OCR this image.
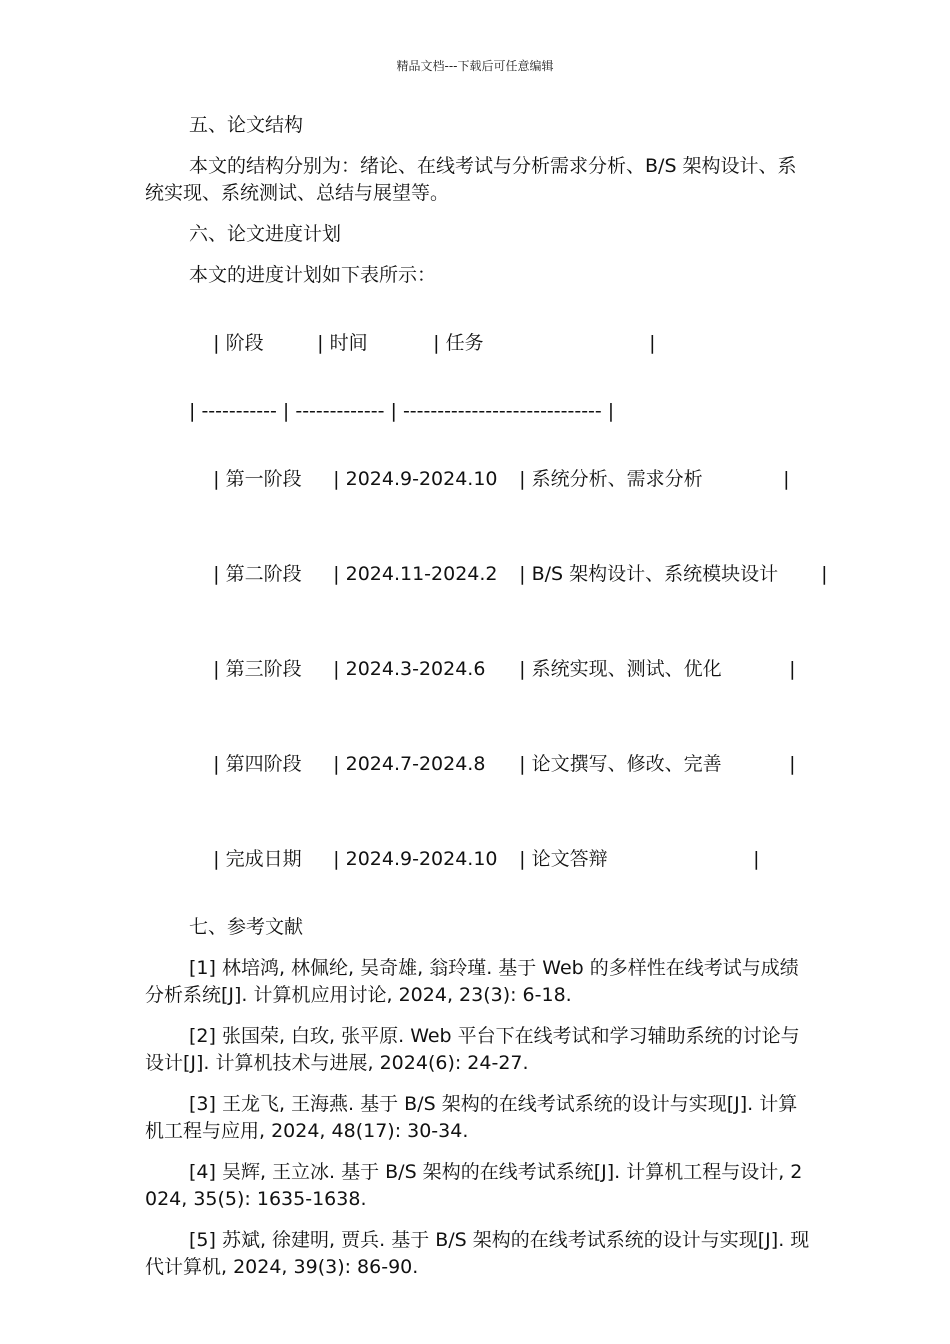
精品文档---下载后可任意编辑
五、论文结构
本文的结构分别为：绪论、在线考试与分析需求分析、B/S 架构设计、系统实现、系统测试、总结与展望等。
六、论文进度计划
本文的进度计划如下表所示：

| 阶段	| 时间	| 任务	|

| ----------- | ------------- | ----------------------------- |

| 第一阶段 | 2024.9-2024.10 | 系统分析、需求分析	|

| 第二阶段 | 2024.11-2024.2 | B/S 架构设计、系统模块设计 |

| 第三阶段 | 2024.3-2024.6 | 系统实现、测试、优化	|

| 第四阶段 | 2024.7-2024.8 | 论文撰写、修改、完善	|

| 完成日期 | 2024.9-2024.10 | 论文答辩	|

七、参考文献
[1] 林培鸿, 林佩纶, 吴奇雄, 翁玲瑾. 基于 Web 的多样性在线考试与成绩分析系统[J]. 计算机应用讨论, 2024, 23(3): 6-18.
[2] 张国荣, 白玫, 张平原. Web 平台下在线考试和学习辅助系统的讨论与设计[J]. 计算机技术与进展, 2024(6): 24-27.
[3] 王龙飞, 王海燕. 基于 B/S 架构的在线考试系统的设计与实现[J]. 计算机工程与应用, 2024, 48(17): 30-34.
[4] 吴辉, 王立冰. 基于 B/S 架构的在线考试系统[J]. 计算机工程与设计, 2024, 35(5): 1635-1638.
[5] 苏斌, 徐建明, 贾兵. 基于 B/S 架构的在线考试系统的设计与实现[J]. 现代计算机, 2024, 39(3): 86-90.
